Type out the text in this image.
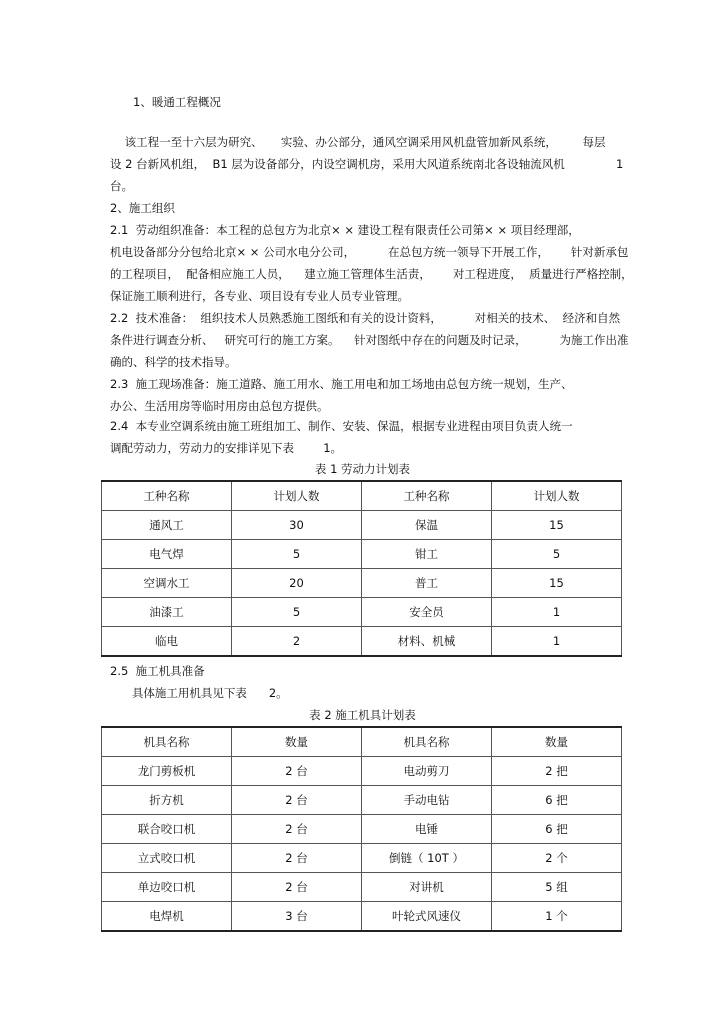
1、暖通工程概况
该工程一至十六层为研究、     实验、办公部分，通风空调采用风机盘管加新风系统，       每层
设 2 台新风机组，  B1 层为设备部分，内设空调机房，采用大风道系统南北各设轴流风机              1
台。
2、施工组织
2.1  劳动组织准备：本工程的总包方为北京× × 建设工程有限责任公司第× × 项目经理部，
机电设备部分分包给北京× × 公司水电分公司，         在总包方统一领导下开展工作，      针对新承包
的工程项目，  配备相应施工人员，    建立施工管理体生活责，      对工程进度，  质量进行严格控制，
保证施工顺利进行，各专业、项目设有专业人员专业管理。
2.2  技术准备：  组织技术人员熟悉施工图纸和有关的设计资料，         对相关的技术、  经济和自然
条件进行调查分析、   研究可行的施工方案。    针对图纸中存在的问题及时记录，         为施工作出准
确的、科学的技术指导。
2.3  施工现场准备：施工道路、施工用水、施工用电和加工场地由总包方统一规划，生产、
办公、生活用房等临时用房由总包方提供。
2.4  本专业空调系统由施工班组加工、制作、安装、保温，根据专业进程由项目负责人统一
调配劳动力，劳动力的安排详见下表        1。
表 1 劳动力计划表
工种名称	计划人数	工种名称	计划人数
通风工	30	保温	15
电气焊	5	钳工	5
空调水工	20	普工	15
油漆工	5	安全员	1
临电	2	材料、机械	1
2.5  施工机具准备
具体施工用机具见下表      2。
表 2 施工机具计划表
机具名称	数量	机具名称	数量
龙门剪板机	2 台	电动剪刀	2 把
折方机	2 台	手动电钻	6 把
联合咬口机	2 台	电锤	6 把
立式咬口机	2 台	倒链（ 10T ）	2 个
单边咬口机	2 台	对讲机	5 组
电焊机	3 台	叶轮式风速仪	1 个
